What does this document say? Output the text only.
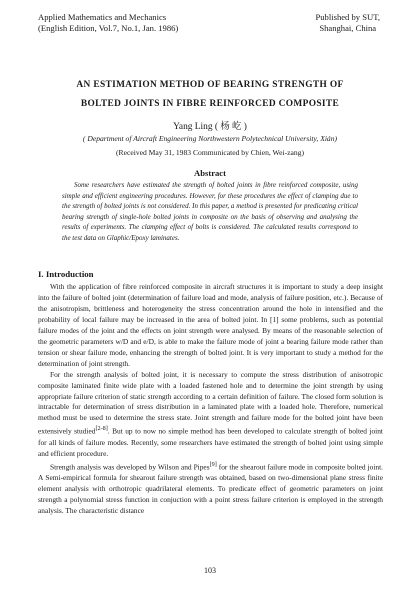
Applied Mathematics and Mechanics
(English Edition, Vol.7, No.1, Jan. 1986)
Published by SUT,
Shanghai, China
AN ESTIMATION METHOD OF BEARING STRENGTH OF
BOLTED JOINTS IN FIBRE REINFORCED COMPOSITE
Yang Ling ( 杨 屹 )
( Department of Aircraft Engineering Northwestern Polytechnical University, Xián)
(Received May 31, 1983 Communicated by Chien, Wei-zang)
Abstract
Some researchers have estimated the strength of bolted joints in fibre reinforced composite, using simple and efficient engineering procedures. However, for these procedures the effect of clamping due to the strength of bolted joints is not considered. In this paper, a method is presented for predicating critical bearing strength of single-hole bolted joints in composite on the basis of observing and analysing the results of experiments. The clamping effect of bolts is considered. The calculated results correspond to the test data on Glaphic/Epoxy laminates.
I. Introduction

With the application of fibre reinforced composite in aircraft structures it is important to study a deep insight into the failure of bolted joint (determination of failure load and mode, analysis of failure position, etc.). Because of the anisotropism, brittleness and hoterogeneity the stress concentration around the hole in intensified and the probability of local failure may be increased in the area of bolted joint. In [1] some problems, such as potential failure modes of the joint and the effects on joint strength were analysed. By means of the reasonable selection of the geometric parameters w/D and e/D, is able to make the failure mode of joint a bearing failure mode rather than tension or shear failure mode, enhancing the strength of bolted joint. It is very important to study a method for the determination of joint strength.

For the strength analysis of bolted joint, it is necessary to compute the stress distribution of anisotropic composite laminated finite wide plate with a loaded fastened hole and to determine the joint strength by using appropriate failure criterion of static strength according to a certain definition of failure. The closed form solution is intractable for determination of stress distribution in a laminated plate with a loaded hole. Therefore, numerical method must be used to determine the stress state. Joint strength and failure mode for the bolted joint have been extensively studied[2-8]. But up to now no simple method has been developed to calculate strength of bolted joint for all kinds of failure modes. Recently, some researchers have estimated the strength of bolted joint using simple and efficient procedure.

Strength analysis was developed by Wilson and Pipes[9] for the shearout failure mode in composite bolted joint. A Semi-empirical formula for shearout failure strength was obtained, based on two-dimensional plane stress finite element analysis with orthotropic quadrilateral elements. To predicate effect of geometric parameters on joint strength a polynomial stress function in conjuction with a point stress failure criterion is employed in the strength analysis. The characteristic distance

103
